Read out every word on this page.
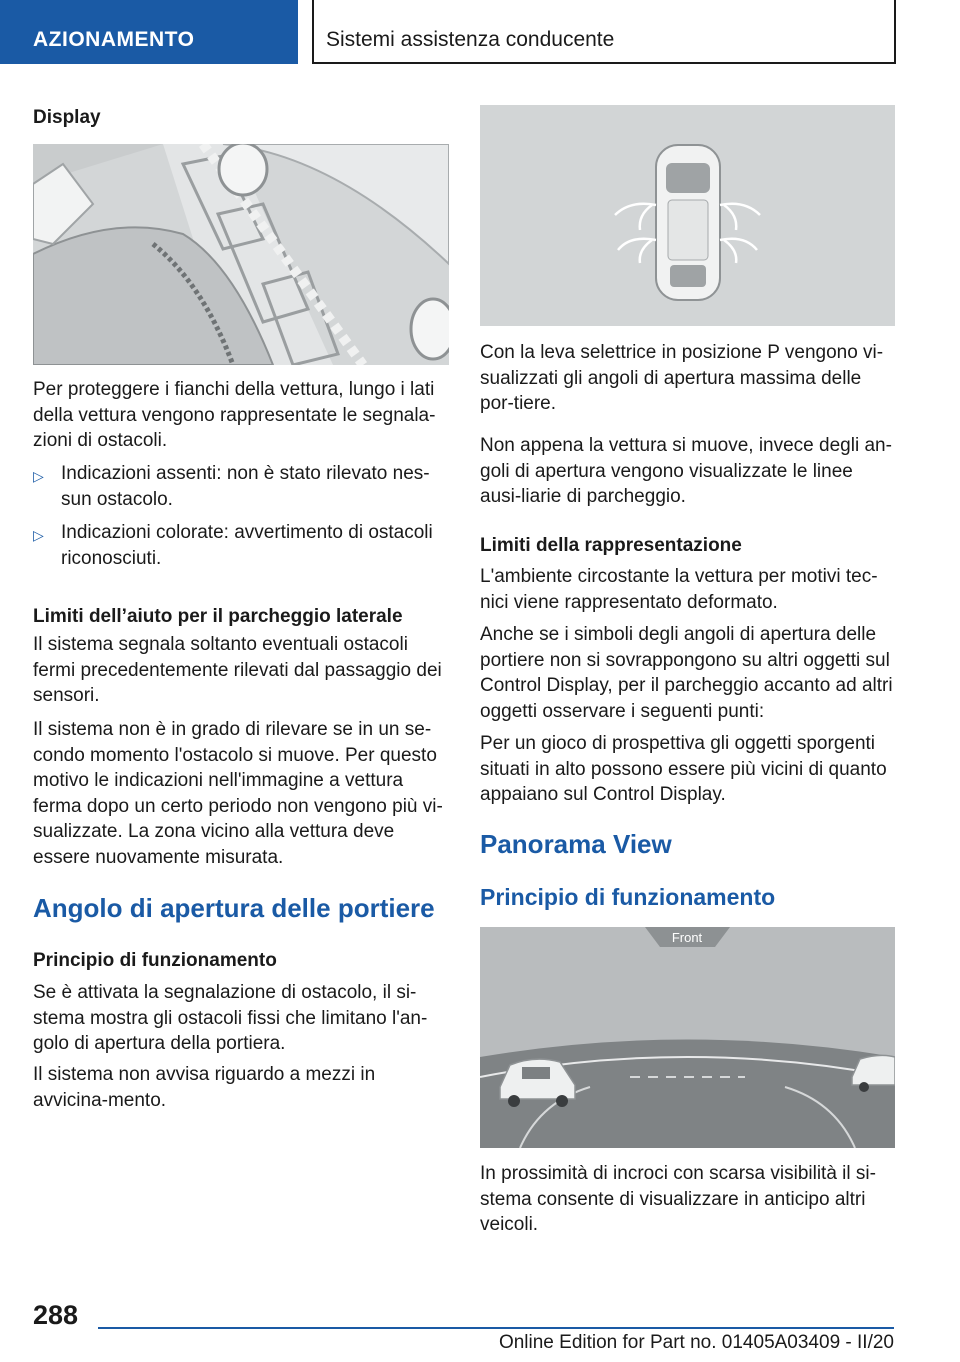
AZIONAMENTO	Sistemi assistenza conducente
Display

Per proteggere i fianchi della vettura, lungo i lati della vettura vengono rappresentate le segnala-zioni di ostacoli.

▷ Indicazioni assenti: non è stato rilevato nes-sun ostacolo.
▷ Indicazioni colorate: avvertimento di ostacoli riconosciuti.
Limiti dell’aiuto per il parcheggio laterale

Il sistema segnala soltanto eventuali ostacoli fermi precedentemente rilevati dal passaggio dei sensori.

Il sistema non è in grado di rilevare se in un se-condo momento l'ostacolo si muove. Per questo motivo le indicazioni nell'immagine a vettura ferma dopo un certo periodo non vengono più vi-sualizzate. La zona vicino alla vettura deve essere nuovamente misurata.

Angolo di apertura delle portiere
Principio di funzionamento

Se è attivata la segnalazione di ostacolo, il si-stema mostra gli ostacoli fissi che limitano l'an-golo di apertura della portiera.

Il sistema non avvisa riguardo a mezzi in avvicina-mento.

Con la leva selettrice in posizione P vengono vi-sualizzati gli angoli di apertura massima delle por-tiere.

Non appena la vettura si muove, invece degli an-goli di apertura vengono visualizzate le linee ausi-liarie di parcheggio.

Limiti della rappresentazione

L'ambiente circostante la vettura per motivi tec-nici viene rappresentato deformato.

Anche se i simboli degli angoli di apertura delle portiere non si sovrappongono su altri oggetti sul Control Display, per il parcheggio accanto ad altri oggetti osservare i seguenti punti:

Per un gioco di prospettiva gli oggetti sporgenti situati in alto possono essere più vicini di quanto appaiano sul Control Display.

Panorama View
Principio di funzionamento
Front

In prossimità di incroci con scarsa visibilità il si-stema consente di visualizzare in anticipo altri veicoli.

288
Online Edition for Part no. 01405A03409 - II/20
